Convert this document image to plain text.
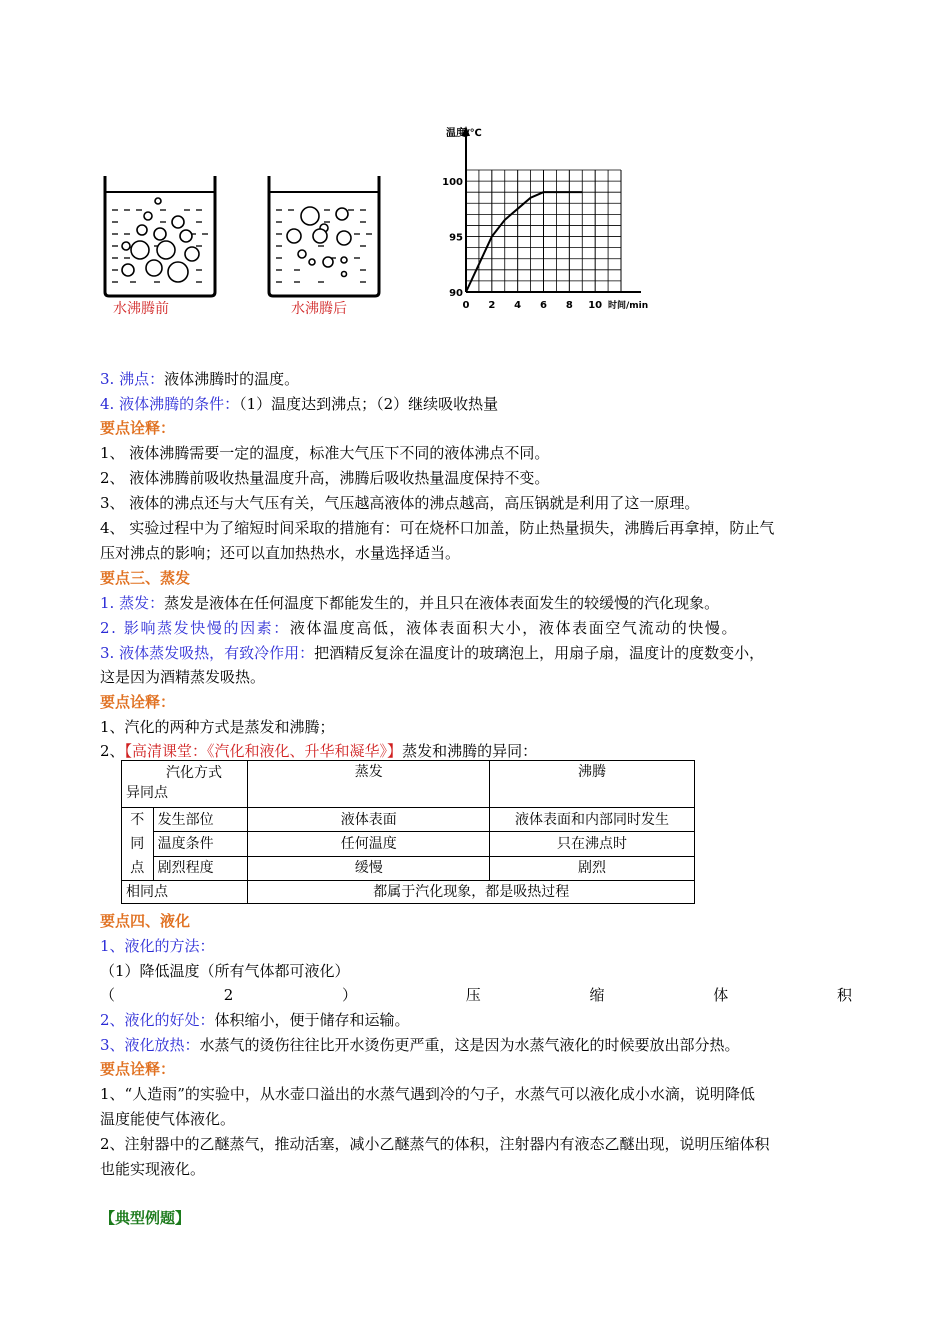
水沸腾前	水沸腾后
温度/℃
100
95
90
0 2 4 6 8 10 时间/min
3. 沸点：液体沸腾时的温度。
4. 液体沸腾的条件：（1）温度达到沸点；（2）继续吸收热量
要点诠释：
1、 液体沸腾需要一定的温度，标准大气压下不同的液体沸点不同。
2、 液体沸腾前吸收热量温度升高，沸腾后吸收热量温度保持不变。
3、 液体的沸点还与大气压有关，气压越高液体的沸点越高，高压锅就是利用了这一原理。
4、 实验过程中为了缩短时间采取的措施有：可在烧杯口加盖，防止热量损失，沸腾后再拿掉，防止气
压对沸点的影响；还可以直加热热水，水量选择适当。
要点三、蒸发
1. 蒸发：蒸发是液体在任何温度下都能发生的，并且只在液体表面发生的较缓慢的汽化现象。
2. 影响蒸发快慢的因素：液体温度高低，液体表面积大小，液体表面空气流动的快慢。
3. 液体蒸发吸热，有致冷作用：把酒精反复涂在温度计的玻璃泡上，用扇子扇，温度计的度数变小，
这是因为酒精蒸发吸热。
要点诠释：
1、汽化的两种方式是蒸发和沸腾；
2、【高清课堂：《汽化和液化、升华和凝华》】蒸发和沸腾的异同：
汽化方式
异同点		蒸发	沸腾

不
同
点	发生部位	液体表面	液体表面和内部同时发生
	温度条件	任何温度	只在沸点时
	剧烈程度	缓慢	剧烈
相同点		都属于汽化现象，都是吸热过程	
要点四、液化
1、液化的方法：
（1）降低温度（所有气体都可液化）
（	2	）	压	缩	体	积
2、液化的好处：体积缩小，便于储存和运输。
3、液化放热：水蒸气的烫伤往往比开水烫伤更严重，这是因为水蒸气液化的时候要放出部分热。
要点诠释：
1、“人造雨”的实验中，从水壶口溢出的水蒸气遇到冷的勺子，水蒸气可以液化成小水滴，说明降低
温度能使气体液化。
2、注射器中的乙醚蒸气，推动活塞，减小乙醚蒸气的体积，注射器内有液态乙醚出现，说明压缩体积
也能实现液化。
【典型例题】
